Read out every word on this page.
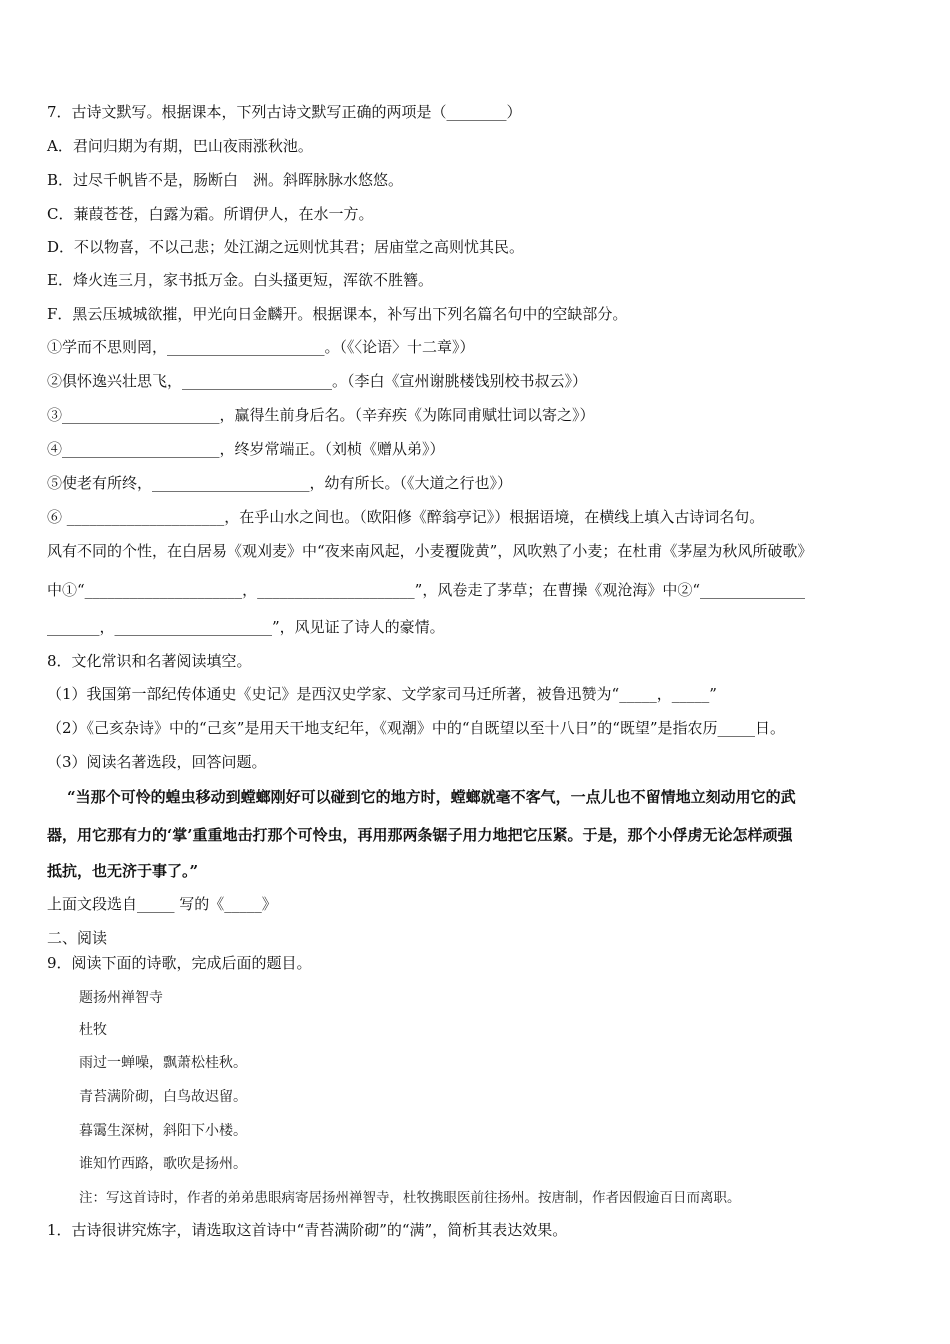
7．古诗文默写。根据课本，下列古诗文默写正确的两项是（________）
A．君问归期为有期，巴山夜雨涨秋池。
B．过尽千帆皆不是，肠断白　洲。斜晖脉脉水悠悠。
C．蒹葭苍苍，白露为霜。所谓伊人，在水一方。
D．不以物喜，不以己悲；处江湖之远则忧其君；居庙堂之高则忧其民。
E．烽火连三月，家书抵万金。白头搔更短，浑欲不胜簪。
F．黑云压城城欲摧，甲光向日金麟开。根据课本，补写出下列名篇名句中的空缺部分。
①学而不思则罔，_____________________。（《〈论语〉十二章》）
②俱怀逸兴壮思飞，____________________。（李白《宣州谢朓楼饯别校书叔云》）
③_____________________，赢得生前身后名。（辛弃疾《为陈同甫赋壮词以寄之》）
④_____________________，终岁常端正。（刘桢《赠从弟》）
⑤使老有所终，_____________________，幼有所长。（《大道之行也》）
⑥ _____________________，在乎山水之间也。（欧阳修《醉翁亭记》）根据语境，在横线上填入古诗词名句。
风有不同的个性，在白居易《观刈麦》中“夜来南风起，小麦覆陇黄”，风吹熟了小麦；在杜甫《茅屋为秋风所破歌》
中①“_____________________，_____________________”，风卷走了茅草；在曹操《观沧海》中②“______________
_______，_____________________”，风见证了诗人的豪情。
8．文化常识和名著阅读填空。
（1）我国第一部纪传体通史《史记》是西汉史学家、文学家司马迁所著，被鲁迅赞为“_____，_____”
（2）《己亥杂诗》中的“己亥”是用天干地支纪年，《观潮》中的“自既望以至十八日”的“既望”是指农历_____日。
（3）阅读名著选段，回答问题。
“当那个可怜的蝗虫移动到螳螂刚好可以碰到它的地方时，螳螂就毫不客气，一点儿也不留情地立刻动用它的武
器，用它那有力的‘掌’重重地击打那个可怜虫，再用那两条锯子用力地把它压紧。于是，那个小俘虏无论怎样顽强
抵抗，也无济于事了。”
上面文段选自_____ 写的《_____》
二、阅读
9．阅读下面的诗歌，完成后面的题目。
题扬州禅智寺
杜牧
雨过一蝉噪，飘萧松桂秋。
青苔满阶砌，白鸟故迟留。
暮霭生深树，斜阳下小楼。
谁知竹西路，歌吹是扬州。
注：写这首诗时，作者的弟弟患眼病寄居扬州禅智寺，杜牧携眼医前往扬州。按唐制，作者因假逾百日而离职。
1．古诗很讲究炼字，请选取这首诗中“青苔满阶砌”的“满”，简析其表达效果。
